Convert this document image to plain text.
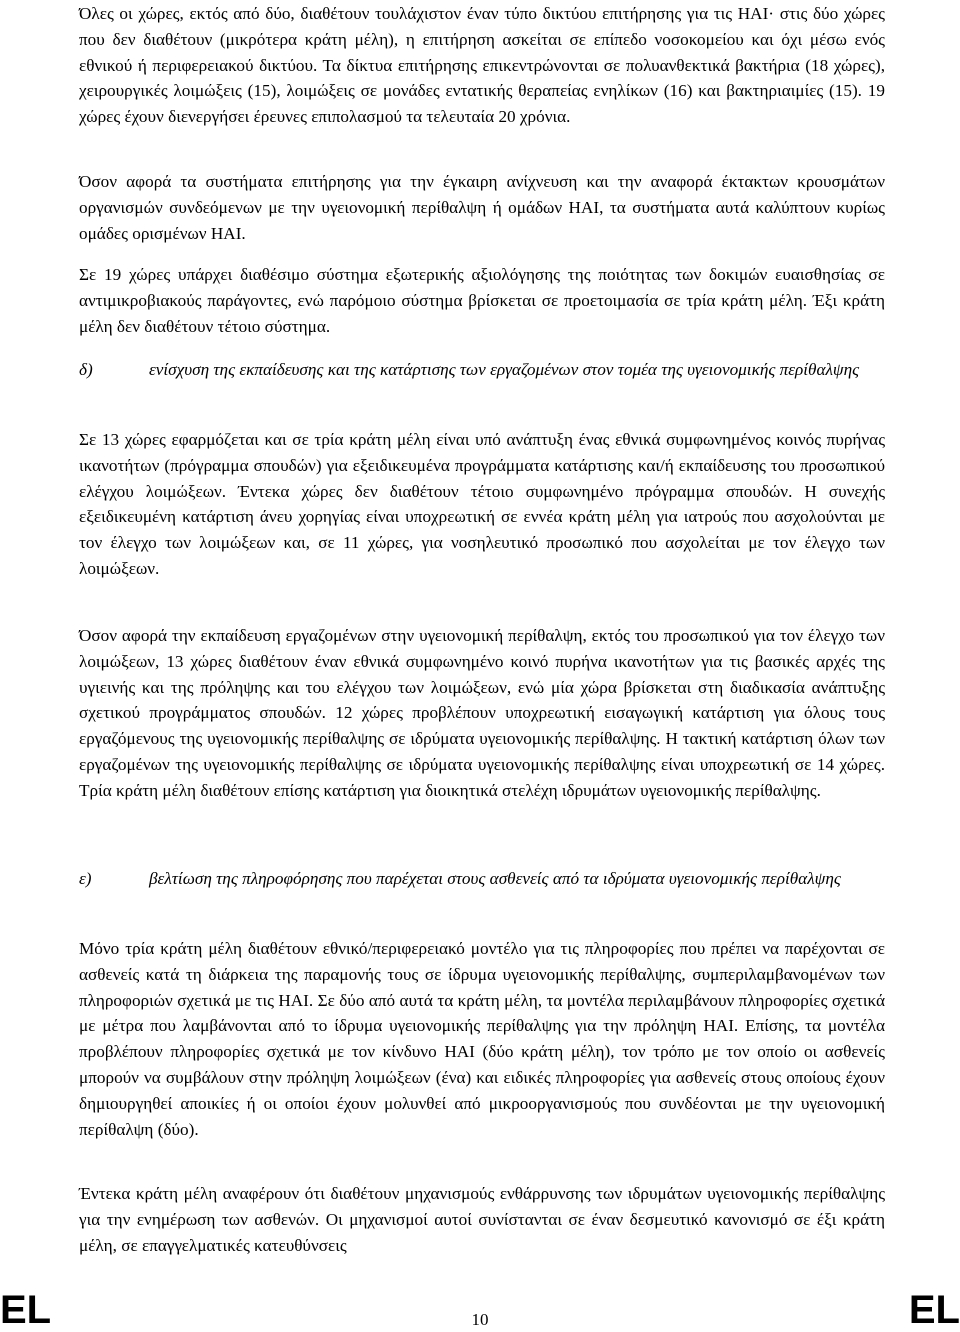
Όλες οι χώρες, εκτός από δύο, διαθέτουν τουλάχιστον έναν τύπο δικτύου επιτήρησης για τις HAI· στις δύο χώρες που δεν διαθέτουν (μικρότερα κράτη μέλη), η επιτήρηση ασκείται σε επίπεδο νοσοκομείου και όχι μέσω ενός εθνικού ή περιφερειακού δικτύου. Τα δίκτυα επιτήρησης επικεντρώνονται σε πολυανθεκτικά βακτήρια (18 χώρες), χειρουργικές λοιμώξεις (15), λοιμώξεις σε μονάδες εντατικής θεραπείας ενηλίκων (16) και βακτηριαιμίες (15). 19 χώρες έχουν διενεργήσει έρευνες επιπολασμού τα τελευταία 20 χρόνια.

Όσον αφορά τα συστήματα επιτήρησης για την έγκαιρη ανίχνευση και την αναφορά έκτακτων κρουσμάτων οργανισμών συνδεόμενων με την υγειονομική περίθαλψη ή ομάδων HAI, τα συστήματα αυτά καλύπτουν κυρίως ομάδες ορισμένων HAI.

Σε 19 χώρες υπάρχει διαθέσιμο σύστημα εξωτερικής αξιολόγησης της ποιότητας των δοκιμών ευαισθησίας σε αντιμικροβιακούς παράγοντες, ενώ παρόμοιο σύστημα βρίσκεται σε προετοιμασία σε τρία κράτη μέλη. Έξι κράτη μέλη δεν διαθέτουν τέτοιο σύστημα.

δ)	ενίσχυση της εκπαίδευσης και της κατάρτισης των εργαζομένων στον τομέα της υγειονομικής περίθαλψης

Σε 13 χώρες εφαρμόζεται και σε τρία κράτη μέλη είναι υπό ανάπτυξη ένας εθνικά συμφωνημένος κοινός πυρήνας ικανοτήτων (πρόγραμμα σπουδών) για εξειδικευμένα προγράμματα κατάρτισης και/ή εκπαίδευσης του προσωπικού ελέγχου λοιμώξεων. Έντεκα χώρες δεν διαθέτουν τέτοιο συμφωνημένο πρόγραμμα σπουδών. Η συνεχής εξειδικευμένη κατάρτιση άνευ χορηγίας είναι υποχρεωτική σε εννέα κράτη μέλη για ιατρούς που ασχολούνται με τον έλεγχο των λοιμώξεων και, σε 11 χώρες, για νοσηλευτικό προσωπικό που ασχολείται με τον έλεγχο των λοιμώξεων.

Όσον αφορά την εκπαίδευση εργαζομένων στην υγειονομική περίθαλψη, εκτός του προσωπικού για τον έλεγχο των λοιμώξεων, 13 χώρες διαθέτουν έναν εθνικά συμφωνημένο κοινό πυρήνα ικανοτήτων για τις βασικές αρχές της υγιεινής και της πρόληψης και του ελέγχου των λοιμώξεων, ενώ μία χώρα βρίσκεται στη διαδικασία ανάπτυξης σχετικού προγράμματος σπουδών. 12 χώρες προβλέπουν υποχρεωτική εισαγωγική κατάρτιση για όλους τους εργαζόμενους της υγειονομικής περίθαλψης σε ιδρύματα υγειονομικής περίθαλψης. Η τακτική κατάρτιση όλων των εργαζομένων της υγειονομικής περίθαλψης σε ιδρύματα υγειονομικής περίθαλψης είναι υποχρεωτική σε 14 χώρες. Τρία κράτη μέλη διαθέτουν επίσης κατάρτιση για διοικητικά στελέχη ιδρυμάτων υγειονομικής περίθαλψης.

ε)	βελτίωση της πληροφόρησης που παρέχεται στους ασθενείς από τα ιδρύματα υγειονομικής περίθαλψης

Μόνο τρία κράτη μέλη διαθέτουν εθνικό/περιφερειακό μοντέλο για τις πληροφορίες που πρέπει να παρέχονται σε ασθενείς κατά τη διάρκεια της παραμονής τους σε ίδρυμα υγειονομικής περίθαλψης, συμπεριλαμβανομένων των πληροφοριών σχετικά με τις HAI. Σε δύο από αυτά τα κράτη μέλη, τα μοντέλα περιλαμβάνουν πληροφορίες σχετικά με μέτρα που λαμβάνονται από το ίδρυμα υγειονομικής περίθαλψης για την πρόληψη HAI. Επίσης, τα μοντέλα προβλέπουν πληροφορίες σχετικά με τον κίνδυνο HAI (δύο κράτη μέλη), τον τρόπο με τον οποίο οι ασθενείς μπορούν να συμβάλουν στην πρόληψη λοιμώξεων (ένα) και ειδικές πληροφορίες για ασθενείς στους οποίους έχουν δημιουργηθεί αποικίες ή οι οποίοι έχουν μολυνθεί από μικροοργανισμούς που συνδέονται με την υγειονομική περίθαλψη (δύο).

Έντεκα κράτη μέλη αναφέρουν ότι διαθέτουν μηχανισμούς ενθάρρυνσης των ιδρυμάτων υγειονομικής περίθαλψης για την ενημέρωση των ασθενών. Οι μηχανισμοί αυτοί συνίστανται σε έναν δεσμευτικό κανονισμό σε έξι κράτη μέλη, σε επαγγελματικές κατευθύνσεις

EL	10	EL
